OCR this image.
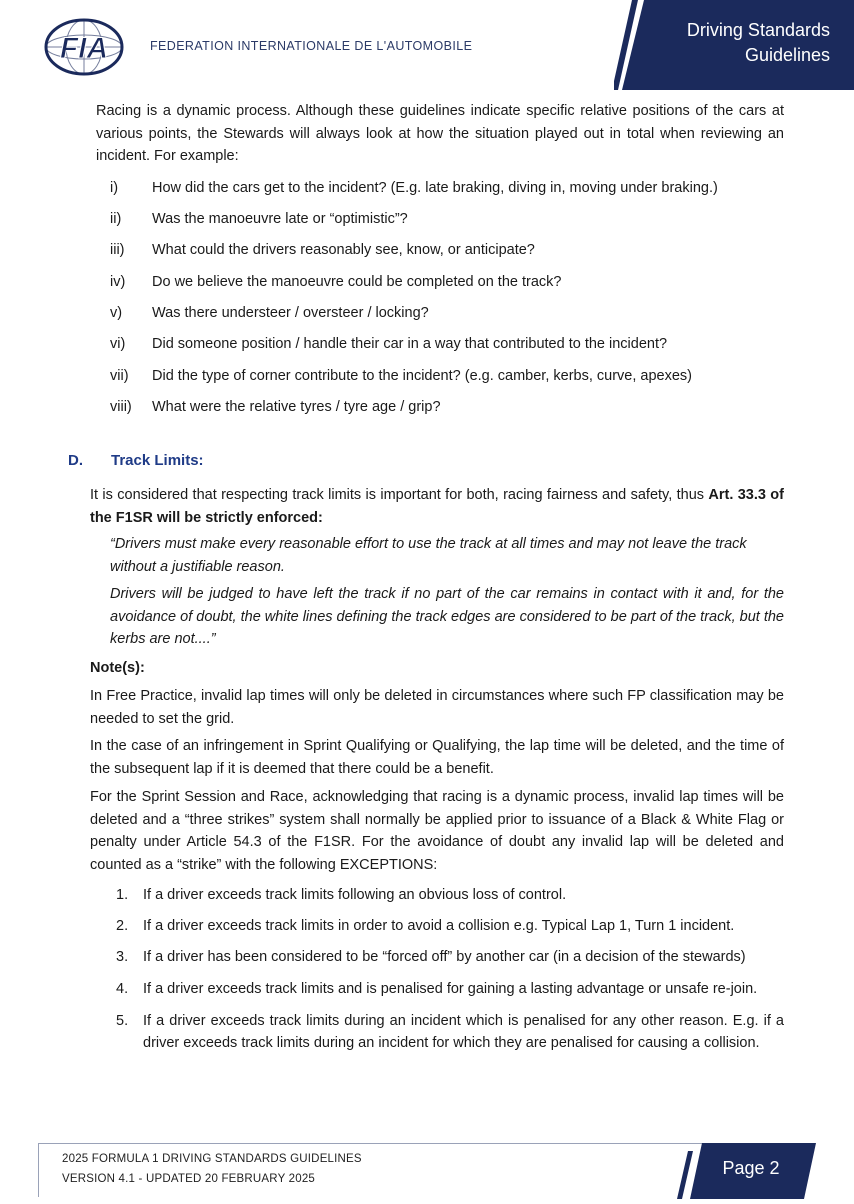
FIA	FEDERATION INTERNATIONALE DE L'AUTOMOBILE
Driving Standards
Guidelines
Racing is a dynamic process. Although these guidelines indicate specific relative positions of the cars at various points, the Stewards will always look at how the situation played out in total when reviewing an incident. For example:
i) How did the cars get to the incident? (E.g. late braking, diving in, moving under braking.)
ii) Was the manoeuvre late or “optimistic”?
iii) What could the drivers reasonably see, know, or anticipate?
iv) Do we believe the manoeuvre could be completed on the track?
v) Was there understeer / oversteer / locking?
vi) Did someone position / handle their car in a way that contributed to the incident?
vii) Did the type of corner contribute to the incident? (e.g. camber, kerbs, curve, apexes)
viii) What were the relative tyres / tyre age / grip?
D. Track Limits:
It is considered that respecting track limits is important for both, racing fairness and safety, thus Art. 33.3 of the F1SR will be strictly enforced:
“Drivers must make every reasonable effort to use the track at all times and may not leave the track without a justifiable reason.
Drivers will be judged to have left the track if no part of the car remains in contact with it and, for the avoidance of doubt, the white lines defining the track edges are considered to be part of the track, but the kerbs are not....”
Note(s):
In Free Practice, invalid lap times will only be deleted in circumstances where such FP classification may be needed to set the grid.
In the case of an infringement in Sprint Qualifying or Qualifying, the lap time will be deleted, and the time of the subsequent lap if it is deemed that there could be a benefit.
For the Sprint Session and Race, acknowledging that racing is a dynamic process, invalid lap times will be deleted and a “three strikes” system shall normally be applied prior to issuance of a Black & White Flag or penalty under Article 54.3 of the F1SR. For the avoidance of doubt any invalid lap will be deleted and counted as a “strike” with the following EXCEPTIONS:
1.	If a driver exceeds track limits following an obvious loss of control.
2.	If a driver exceeds track limits in order to avoid a collision e.g. Typical Lap 1, Turn 1 incident.
3.	If a driver has been considered to be “forced off” by another car (in a decision of the stewards)
4.	If a driver exceeds track limits and is penalised for gaining a lasting advantage or unsafe re-join.
5.	If a driver exceeds track limits during an incident which is penalised for any other reason. E.g. if a driver exceeds track limits during an incident for which they are penalised for causing a collision.
2025 FORMULA 1 DRIVING STANDARDS GUIDELINES
VERSION 4.1 - UPDATED 20 FEBRUARY 2025
Page 2
